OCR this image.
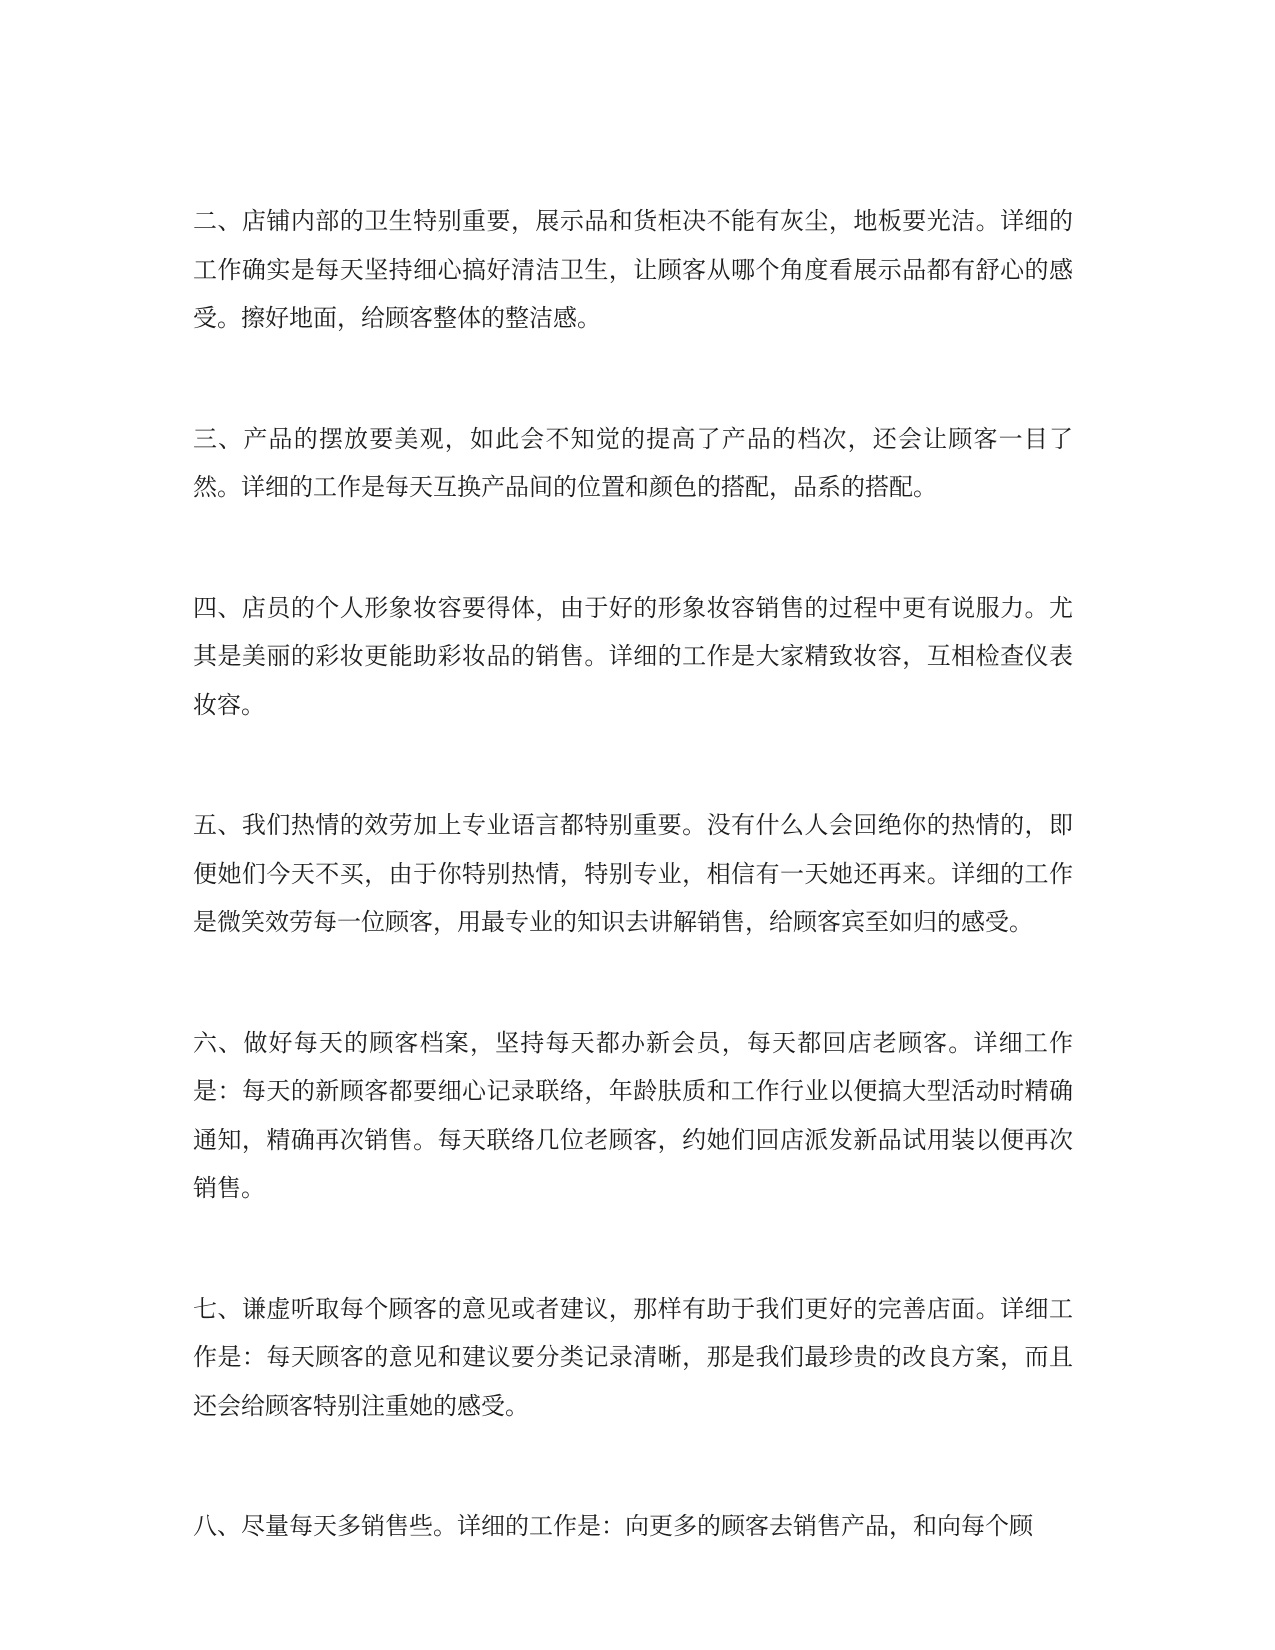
二、店铺内部的卫生特别重要，展示品和货柜决不能有灰尘，地板要光洁。详细的工作确实是每天坚持细心搞好清洁卫生，让顾客从哪个角度看展示品都有舒心的感受。擦好地面，给顾客整体的整洁感。

三、产品的摆放要美观，如此会不知觉的提高了产品的档次，还会让顾客一目了然。详细的工作是每天互换产品间的位置和颜色的搭配，品系的搭配。

四、店员的个人形象妆容要得体，由于好的形象妆容销售的过程中更有说服力。尤其是美丽的彩妆更能助彩妆品的销售。详细的工作是大家精致妆容，互相检查仪表妆容。

五、我们热情的效劳加上专业语言都特别重要。没有什么人会回绝你的热情的，即便她们今天不买，由于你特别热情，特别专业，相信有一天她还再来。详细的工作是微笑效劳每一位顾客，用最专业的知识去讲解销售，给顾客宾至如归的感受。

六、做好每天的顾客档案，坚持每天都办新会员，每天都回店老顾客。详细工作是：每天的新顾客都要细心记录联络，年龄肤质和工作行业以便搞大型活动时精确通知，精确再次销售。每天联络几位老顾客，约她们回店派发新品试用装以便再次销售。

七、谦虚听取每个顾客的意见或者建议，那样有助于我们更好的完善店面。详细工作是：每天顾客的意见和建议要分类记录清晰，那是我们最珍贵的改良方案，而且还会给顾客特别注重她的感受。

八、尽量每天多销售些。详细的工作是：向更多的顾客去销售产品，和向每个顾
